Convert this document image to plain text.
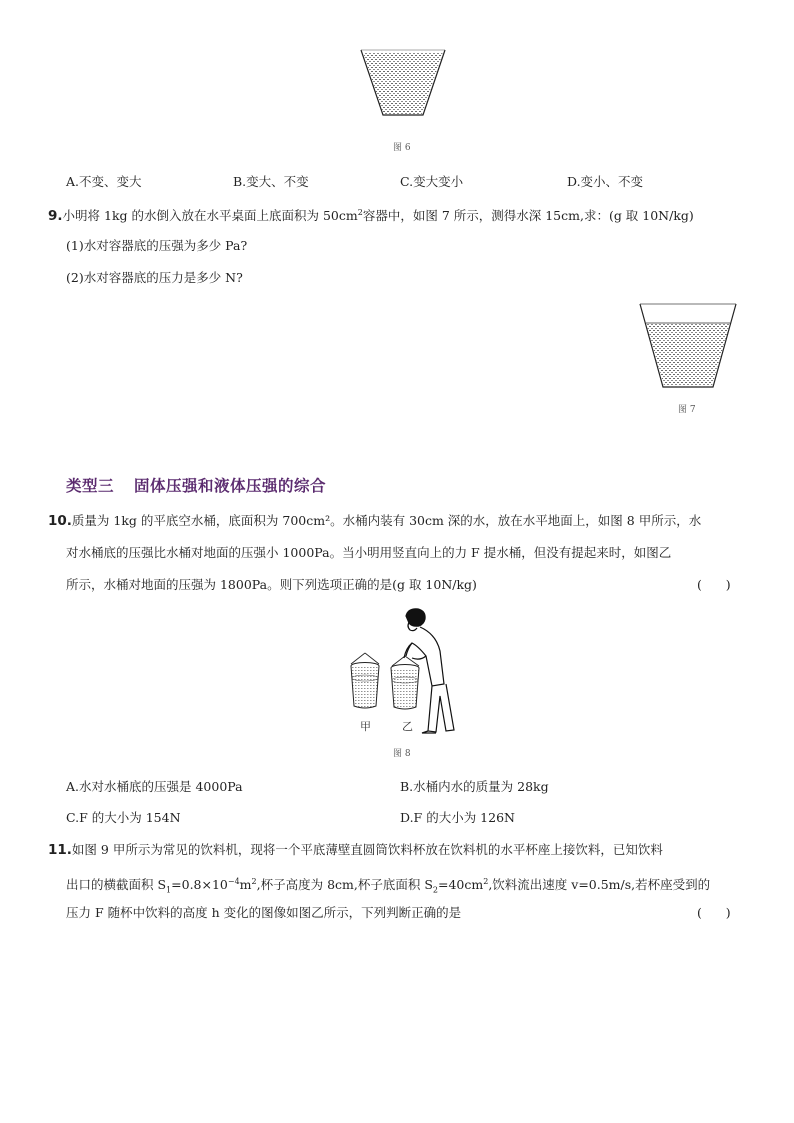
图 6
A.不变、变大	B.变大、不变	C.变大变小	D.变小、不变
9.小明将 1kg 的水倒入放在水平桌面上底面积为 $50cm^2$容器中，如图 7 所示，测得水深 15cm,求：(g 取 10N/kg)
(1)水对容器底的压强为多少 Pa?
(2)水对容器底的压力是多少 N?
图 7
类型三 固体压强和液体压强的综合
10.质量为 1kg 的平底空水桶，底面积为 700cm²。水桶内装有 30cm 深的水，放在水平地面上，如图 8 甲所示，水
对水桶底的压强比水桶对地面的压强小 1000Pa。当小明用竖直向上的力 F 提水桶，但没有提起来时，如图乙
所示，水桶对地面的压强为 1800Pa。则下列选项正确的是(g 取 10N/kg)	(      )
甲	乙
图 8
A.水对水桶底的压强是 4000Pa	B.水桶内水的质量为 28kg
C.F 的大小为 154N	D.F 的大小为 126N
11.如图 9 甲所示为常见的饮料机，现将一个平底薄壁直圆筒饮料杯放在饮料机的水平杯座上接饮料，已知饮料
出口的横截面积 $S_1=0.8\times 10^{-4}m^2$,杯子高度为 8cm,杯子底面积 $S_2=40cm^2$,饮料流出速度 v=0.5m/s,若杯座受到的
压力 F 随杯中饮料的高度 h 变化的图像如图乙所示，下列判断正确的是	(      )
